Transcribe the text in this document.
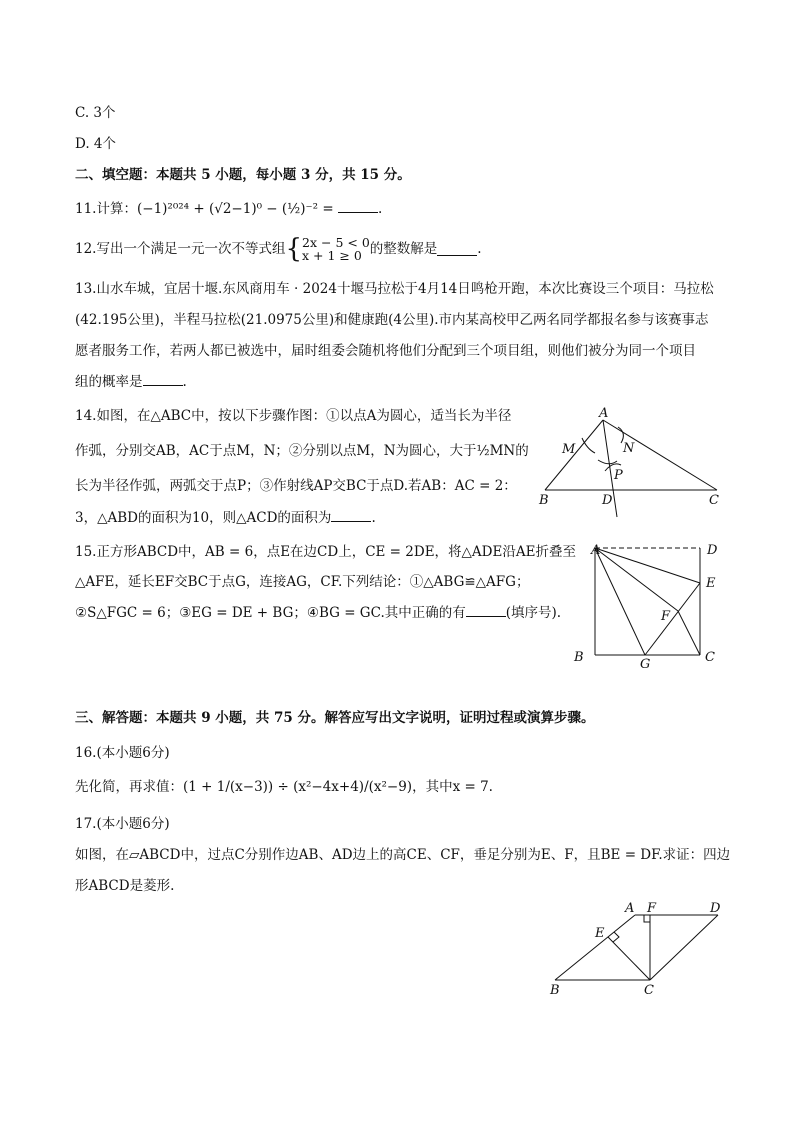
C. 3个
D. 4个
二、填空题：本题共 5 小题，每小题 3 分，共 15 分。
11.计算：(−1)²⁰²⁴ + (√2−1)⁰ − (½)⁻² =	.
12.写出一个满足一元一次不等式组{2x − 5 < 0
x + 1 ≥ 0 的整数解是	.
13.山水车城，宜居十堰.东风商用车 · 2024十堰马拉松于4月14日鸣枪开跑，本次比赛设三个项目：马拉松
(42.195公里)，半程马拉松(21.0975公里)和健康跑(4公里).市内某高校甲乙两名同学都报名参与该赛事志
愿者服务工作，若两人都已被选中，届时组委会随机将他们分配到三个项目组，则他们被分为同一个项目
组的概率是	.
14.如图，在△ABC中，按以下步骤作图：①以点A为圆心，适当长为半径
作弧，分别交AB，AC于点M，N；②分别以点M，N为圆心，大于½MN的
长为半径作弧，两弧交于点P；③作射线AP交BC于点D.若AB：AC = 2：
3，△ABD的面积为10，则△ACD的面积为	.
A
B	C
D
M	N
P
15.正方形ABCD中，AB = 6，点E在边CD上，CE = 2DE，将△ADE沿AE折叠至
△AFE，延长EF交BC于点G，连接AG，CF.下列结论：①△ABG≌△AFG；
②S△FGC = 6；③EG = DE + BG；④BG = GC.其中正确的有	(填序号).
A
B	C
D
E
F
G
三、解答题：本题共 9 小题，共 75 分。解答应写出文字说明，证明过程或演算步骤。
16.(本小题6分)
先化简，再求值：(1 + 1/(x−3)) ÷ (x²−4x+4)/(x²−9)，其中x = 7.
17.(本小题6分)
如图，在▱ABCD中，过点C分别作边AB、AD边上的高CE、CF，垂足分别为E、F，且BE = DF.求证：四边
形ABCD是菱形.
A
B	C
D
E
F
